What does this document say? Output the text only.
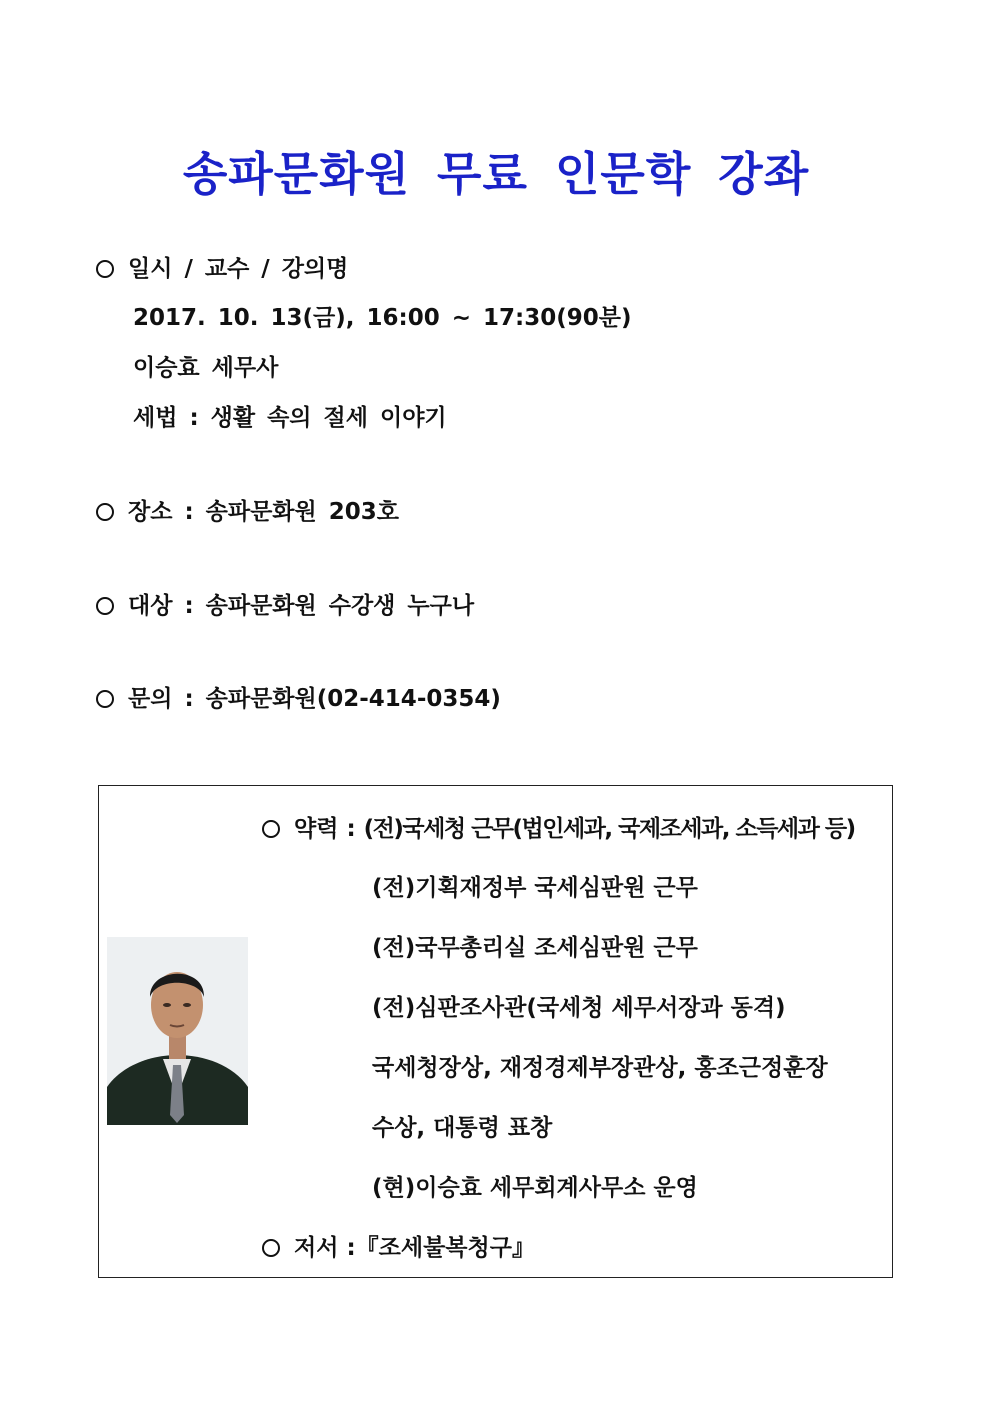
송파문화원 무료 인문학 강좌
일시 / 교수 / 강의명
2017. 10. 13(금), 16:00 ~ 17:30(90분)
이승효 세무사
세법 : 생활 속의 절세 이야기
장소 : 송파문화원 203호
대상 : 송파문화원 수강생 누구나
문의 : 송파문화원(02-414-0354)
약력 : (전)국세청 근무(법인세과, 국제조세과, 소득세과 등)
(전)기획재정부 국세심판원 근무
(전)국무총리실 조세심판원 근무
(전)심판조사관(국세청 세무서장과 동격)
국세청장상, 재정경제부장관상, 홍조근정훈장
수상, 대통령 표창
(현)이승효 세무회계사무소 운영
저서 :『조세불복청구』
